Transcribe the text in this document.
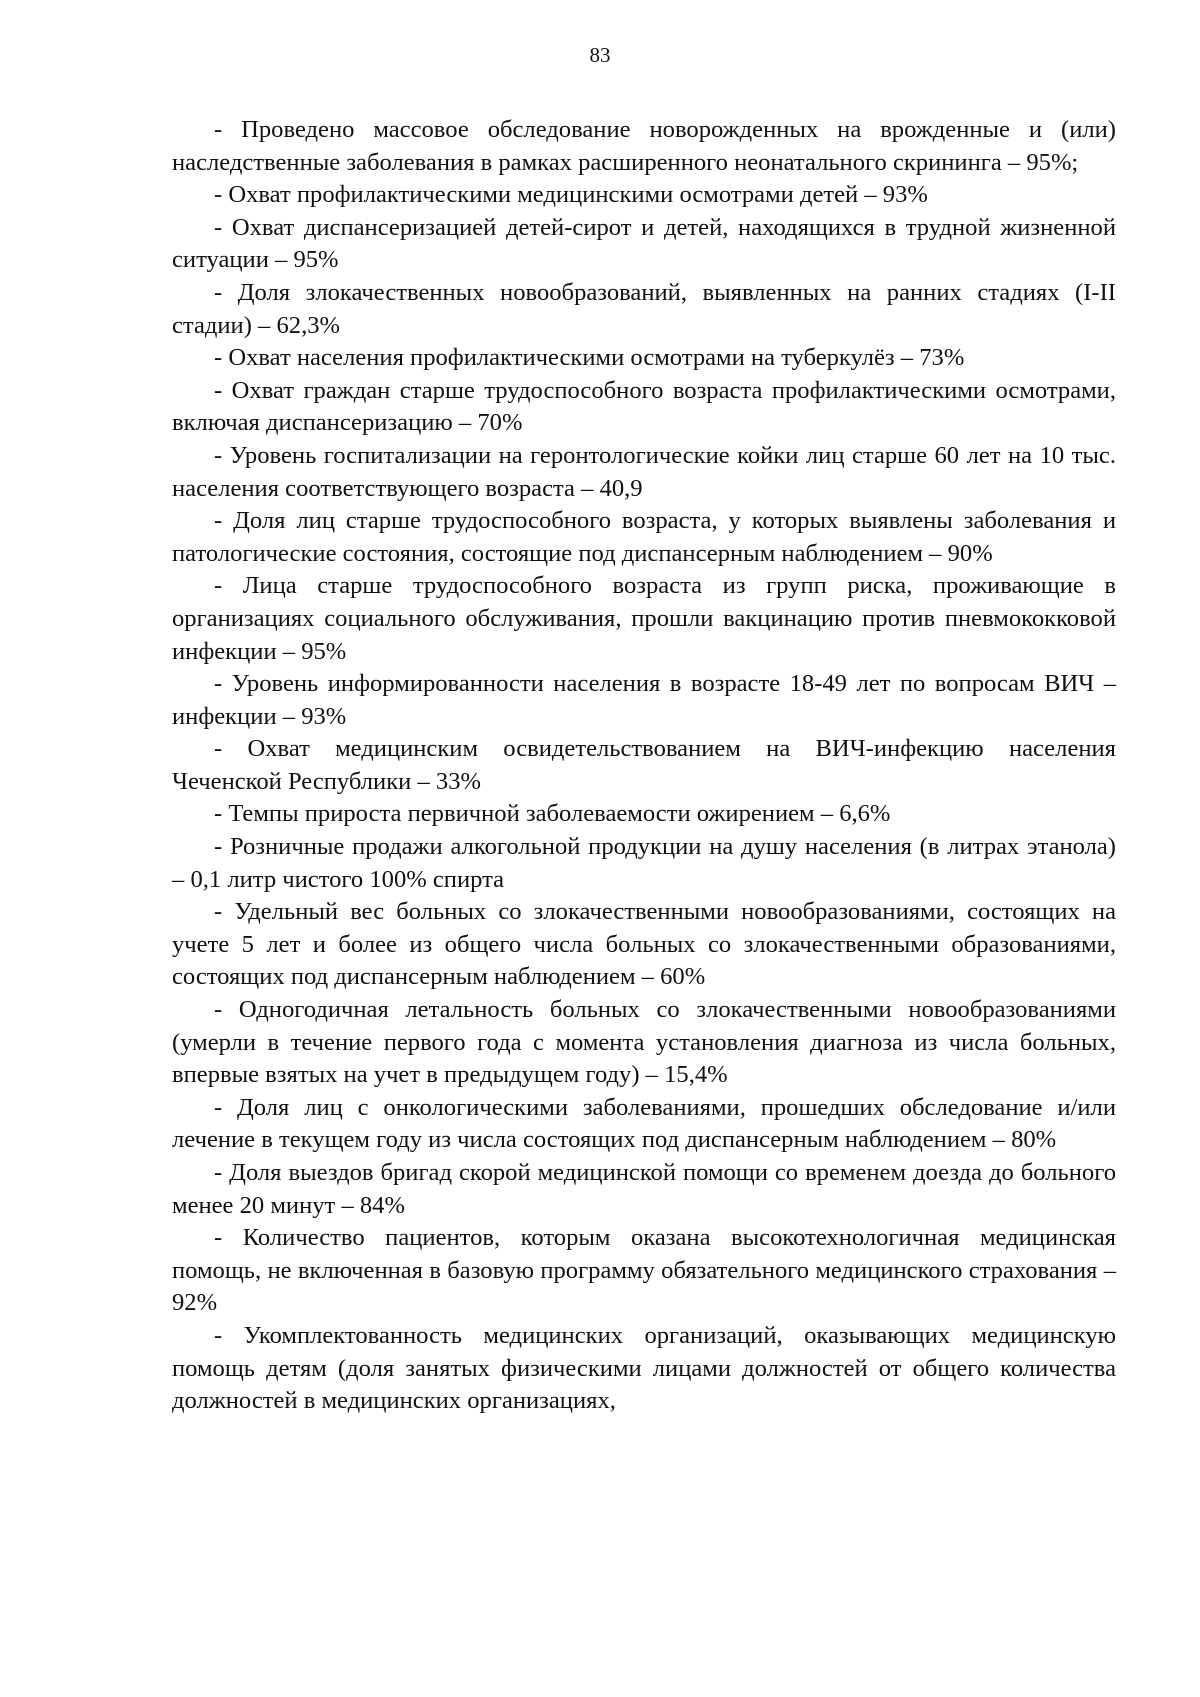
83

- Проведено массовое обследование новорожденных на врожденные и (или) наследственные заболевания в рамках расширенного неонатального скрининга – 95%;

- Охват профилактическими медицинскими осмотрами детей – 93%

- Охват диспансеризацией детей-сирот и детей, находящихся в трудной жизненной ситуации – 95%

- Доля злокачественных новообразований, выявленных на ранних стадиях (I-II стадии) – 62,3%

- Охват населения профилактическими осмотрами на туберкулёз – 73%

- Охват граждан старше трудоспособного возраста профилактическими осмотрами, включая диспансеризацию – 70%

- Уровень госпитализации на геронтологические койки лиц старше 60 лет на 10 тыс. населения соответствующего возраста – 40,9

- Доля лиц старше трудоспособного возраста, у которых выявлены заболевания и патологические состояния, состоящие под диспансерным наблюдением – 90%

- Лица старше трудоспособного возраста из групп риска, проживающие в организациях социального обслуживания, прошли вакцинацию против пневмококковой инфекции – 95%

- Уровень информированности населения в возрасте 18-49 лет по вопросам ВИЧ – инфекции – 93%

- Охват медицинским освидетельствованием на ВИЧ-инфекцию населения Чеченской Республики – 33%

- Темпы прироста первичной заболеваемости ожирением – 6,6%

- Розничные продажи алкогольной продукции на душу населения (в литрах этанола) – 0,1 литр чистого 100% спирта

- Удельный вес больных со злокачественными новообразованиями, состоящих на учете 5 лет и более из общего числа больных со злокачественными образованиями, состоящих под диспансерным наблюдением – 60%

- Одногодичная летальность больных со злокачественными новообразованиями (умерли в течение первого года с момента установления диагноза из числа больных, впервые взятых на учет в предыдущем году) – 15,4%

- Доля лиц с онкологическими заболеваниями, прошедших обследование и/или лечение в текущем году из числа состоящих под диспансерным наблюдением – 80%

- Доля выездов бригад скорой медицинской помощи со временем доезда до больного менее 20 минут – 84%

- Количество пациентов, которым оказана высокотехнологичная медицинская помощь, не включенная в базовую программу обязательного медицинского страхования – 92%

- Укомплектованность медицинских организаций, оказывающих медицинскую помощь детям (доля занятых физическими лицами должностей от общего количества должностей в медицинских организациях,
